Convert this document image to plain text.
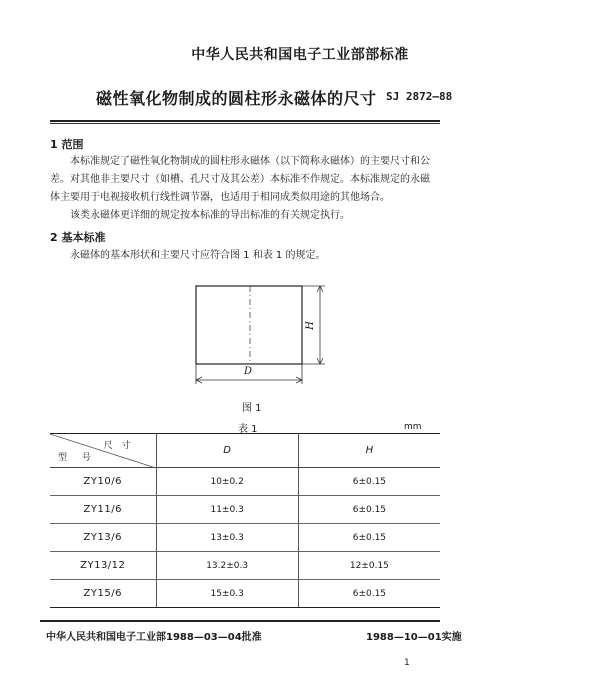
中华人民共和国电子工业部部标准
磁性氧化物制成的圆柱形永磁体的尺寸 SJ 2872—88
1 范围
本标准规定了磁性氧化物制成的圆柱形永磁体（以下简称永磁体）的主要尺寸和公
差。对其他非主要尺寸（如槽、孔尺寸及其公差）本标准不作规定。本标准规定的永磁
体主要用于电视接收机行线性调节器，也适用于相同成类似用途的其他场合。
该类永磁体更详细的规定按本标准的导出标准的有关规定执行。
2 基本标准
永磁体的基本形状和主要尺寸应符合图 1 和表 1 的规定。
H
D
图 1
表 1	mm
尺 寸
型 号	D	H
ZY10/6	10±0.2	6±0.15
ZY11/6	11±0.3	6±0.15
ZY13/6	13±0.3	6±0.15
ZY13/12	13.2±0.3	12±0.15
ZY15/6	15±0.3	6±0.15
中华人民共和国电子工业部1988—03—04批准	1988—10—01实施
1
